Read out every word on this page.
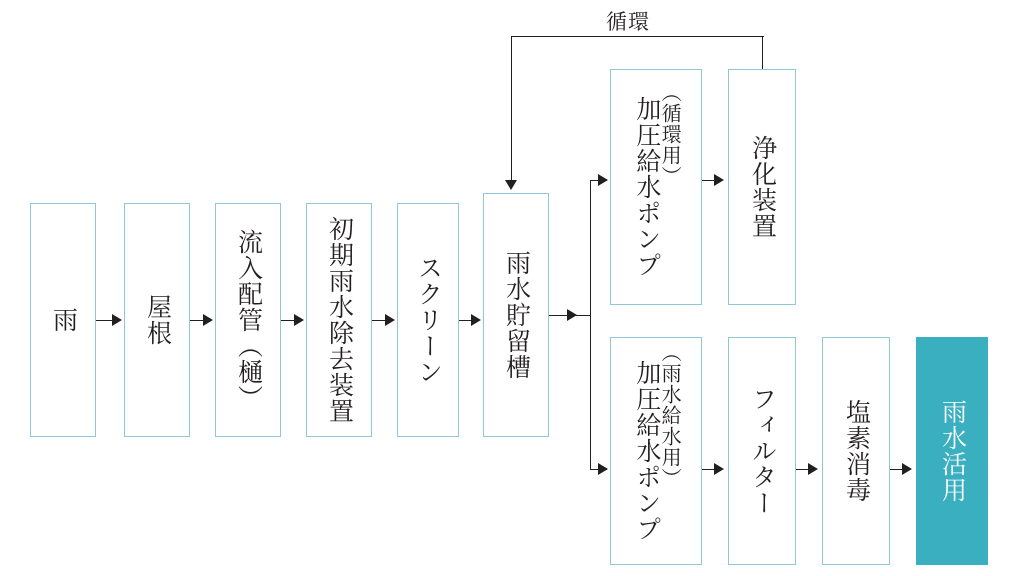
雨	屋根	流入配管（樋）	初期雨水除去装置 スクリーン 雨水貯留槽
加圧給水ポンプ
（循環用）	浄化装置
加圧給水ポンプ
（雨水給水用）	フィルター	塩素消毒	雨水活用
循環
